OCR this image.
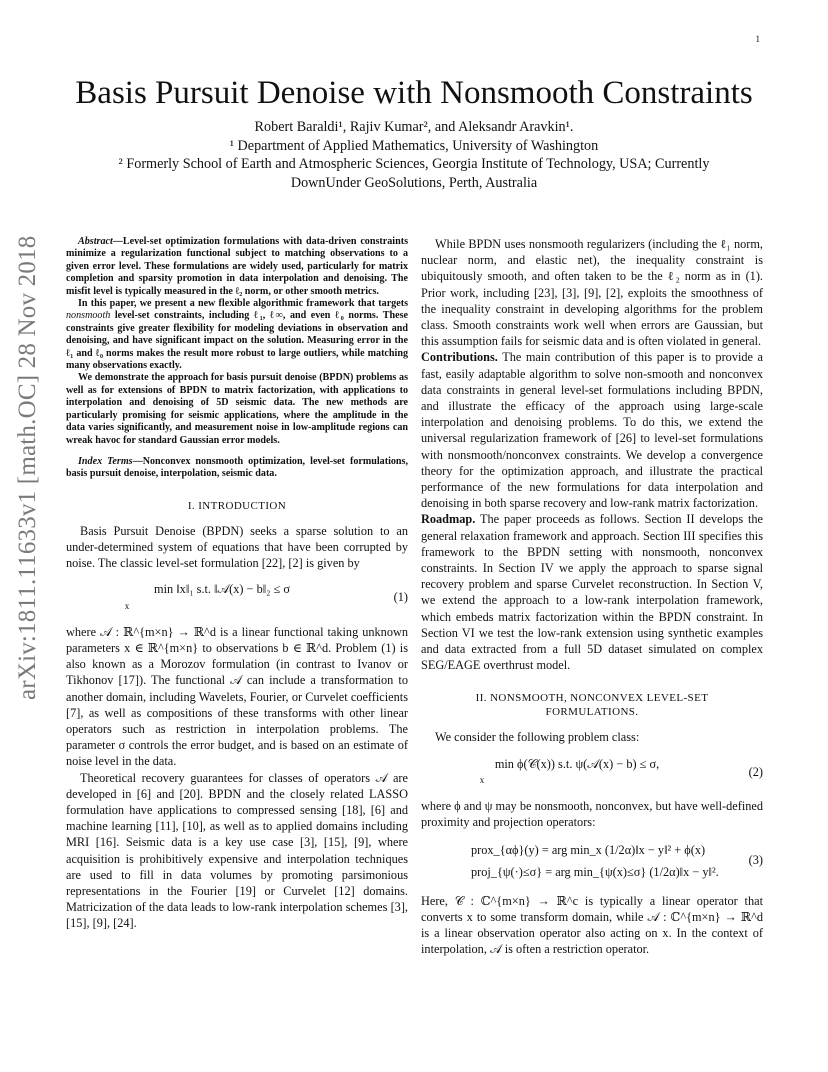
1
arXiv:1811.11633v1 [math.OC] 28 Nov 2018
Basis Pursuit Denoise with Nonsmooth Constraints
Robert Baraldi¹, Rajiv Kumar², and Aleksandr Aravkin¹.
¹ Department of Applied Mathematics, University of Washington
² Formerly School of Earth and Atmospheric Sciences, Georgia Institute of Technology, USA; Currently
DownUnder GeoSolutions, Perth, Australia

Abstract—Level-set optimization formulations with data-driven constraints minimize a regularization functional subject to matching observations to a given error level. These formulations are widely used, particularly for matrix completion and sparsity promotion in data interpolation and denoising. The misfit level is typically measured in the ℓ₂ norm, or other smooth metrics.

In this paper, we present a new flexible algorithmic framework that targets nonsmooth level-set constraints, including ℓ₁, ℓ∞, and even ℓ₀ norms. These constraints give greater flexibility for modeling deviations in observation and denoising, and have significant impact on the solution. Measuring error in the ℓ₁ and ℓ₀ norms makes the result more robust to large outliers, while matching many observations exactly.

We demonstrate the approach for basis pursuit denoise (BPDN) problems as well as for extensions of BPDN to matrix factorization, with applications to interpolation and denoising of 5D seismic data. The new methods are particularly promising for seismic applications, where the amplitude in the data varies significantly, and measurement noise in low-amplitude regions can wreak havoc for standard Gaussian error models.

Index Terms—Nonconvex nonsmooth optimization, level-set formulations, basis pursuit denoise, interpolation, seismic data.

I. INTRODUCTION

Basis Pursuit Denoise (BPDN) seeks a sparse solution to an under-determined system of equations that have been corrupted by noise. The classic level-set formulation [22], [2] is given by

min ‖x‖₁ s.t. ‖𝒜(x) − b‖₂ ≤ σ
x
(1)

where 𝒜 : ℝ^{m×n} → ℝ^d is a linear functional taking unknown parameters x ∈ ℝ^{m×n} to observations b ∈ ℝ^d. Problem (1) is also known as a Morozov formulation (in contrast to Ivanov or Tikhonov [17]). The functional 𝒜 can include a transformation to another domain, including Wavelets, Fourier, or Curvelet coefficients [7], as well as compositions of these transforms with other linear operators such as restriction in interpolation problems. The parameter σ controls the error budget, and is based on an estimate of noise level in the data.

Theoretical recovery guarantees for classes of operators 𝒜 are developed in [6] and [20]. BPDN and the closely related LASSO formulation have applications to compressed sensing [18], [6] and machine learning [11], [10], as well as to applied domains including MRI [16]. Seismic data is a key use case [3], [15], [9], where acquisition is prohibitively expensive and interpolation techniques are used to fill in data volumes by promoting parsimonious representations in the Fourier [19] or Curvelet [12] domains. Matricization of the data leads to low-rank interpolation schemes [3], [15], [9], [24].

While BPDN uses nonsmooth regularizers (including the ℓ₁ norm, nuclear norm, and elastic net), the inequality constraint is ubiquitously smooth, and often taken to be the ℓ₂ norm as in (1). Prior work, including [23], [3], [9], [2], exploits the smoothness of the inequality constraint in developing algorithms for the problem class. Smooth constraints work well when errors are Gaussian, but this assumption fails for seismic data and is often violated in general.

Contributions. The main contribution of this paper is to provide a fast, easily adaptable algorithm to solve non-smooth and nonconvex data constraints in general level-set formulations including BPDN, and illustrate the efficacy of the approach using large-scale interpolation and denoising problems. To do this, we extend the universal regularization framework of [26] to level-set formulations with nonsmooth/nonconvex constraints. We develop a convergence theory for the optimization approach, and illustrate the practical performance of the new formulations for data interpolation and denoising in both sparse recovery and low-rank matrix factorization.

Roadmap. The paper proceeds as follows. Section II develops the general relaxation framework and approach. Section III specifies this framework to the BPDN setting with nonsmooth, nonconvex constraints. In Section IV we apply the approach to sparse signal recovery problem and sparse Curvelet reconstruction. In Section V, we extend the approach to a low-rank interpolation framework, which embeds matrix factorization within the BPDN constraint. In Section VI we test the low-rank extension using synthetic examples and data extracted from a full 5D dataset simulated on complex SEG/EAGE overthrust model.

II. NONSMOOTH, NONCONVEX LEVEL-SET
FORMULATIONS.

We consider the following problem class:

min ϕ(𝒞(x)) s.t. ψ(𝒜(x) − b) ≤ σ,
x
(2)

where ϕ and ψ may be nonsmooth, nonconvex, but have well-defined proximity and projection operators:

prox_{αϕ}(y) = arg min_x (1/2α)‖x − y‖² + ϕ(x)
proj_{ψ(·)≤σ} = arg min_{ψ(x)≤σ} (1/2α)‖x − y‖².
(3)

Here, 𝒞 : ℂ^{m×n} → ℝ^c is typically a linear operator that converts x to some transform domain, while 𝒜 : ℂ^{m×n} → ℝ^d is a linear observation operator also acting on x. In the context of interpolation, 𝒜 is often a restriction operator.
